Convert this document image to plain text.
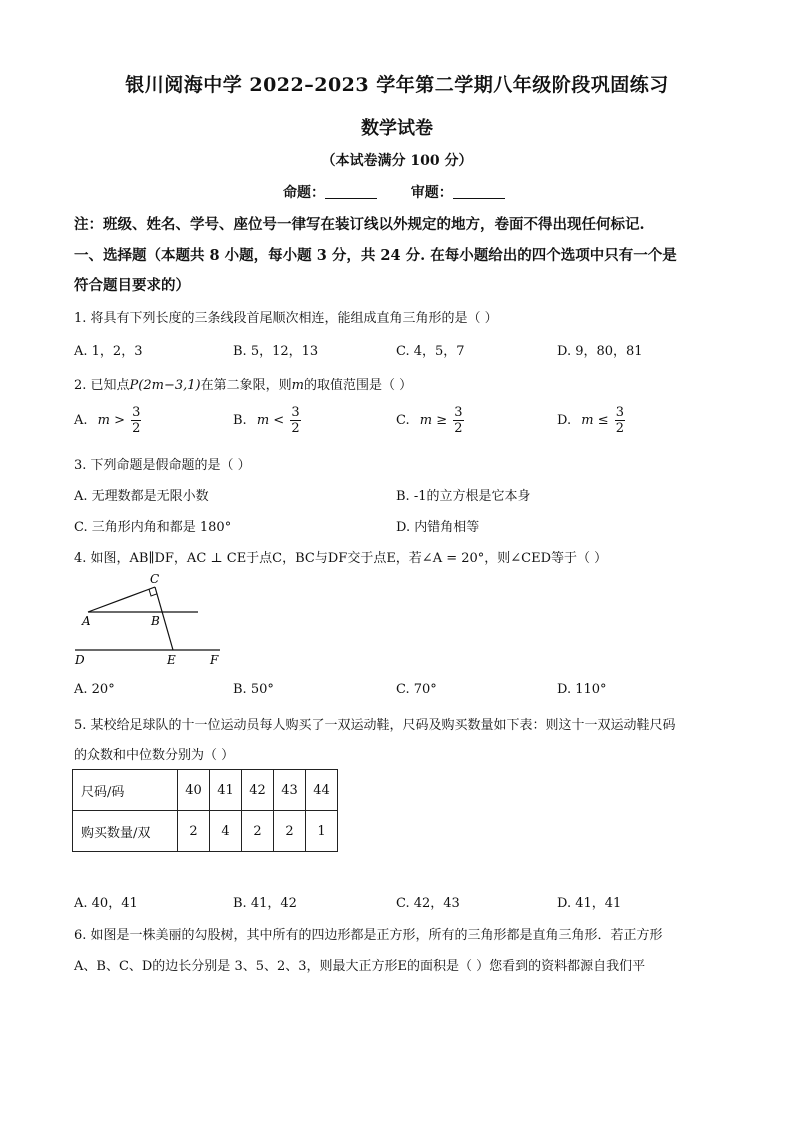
银川阅海中学 2022–2023 学年第二学期八年级阶段巩固练习
数学试卷
（本试卷满分 100 分）
命题：	审题：
注：班级、姓名、学号、座位号一律写在装订线以外规定的地方，卷面不得出现任何标记.
一、选择题（本题共 8 小题，每小题 3 分，共 24 分. 在每小题给出的四个选项中只有一个是
符合题目要求的）
1. 将具有下列长度的三条线段首尾顺次相连，能组成直角三角形的是（ ）
A. 1，2，3	B. 5，12，13	C. 4，5，7	D. 9，80，81
2. 已知点P(2m−3,1)在第二象限，则m的取值范围是（ ）
A. $m > \frac{3}{2}$	B. $m < \frac{3}{2}$	C. $m \ge \frac{3}{2}$	D. $m \le \frac{3}{2}$
3. 下列命题是假命题的是（ ）
A. 无理数都是无限小数	B. -1的立方根是它本身
C. 三角形内角和都是 180°	D. 内错角相等
4. 如图，AB∥DF，AC ⊥ CE于点C，BC与DF交于点E，若∠A = 20°，则∠CED等于（ ）
C
A	B
D	E	F
A. 20°	B. 50°	C. 70°	D. 110°
5. 某校给足球队的十一位运动员每人购买了一双运动鞋，尺码及购买数量如下表：则这十一双运动鞋尺码
的众数和中位数分别为（ ）
尺码/码	40	41	42	43	44
购买数量/双	2	4	2	2	1
A. 40，41	B. 41，42	C. 42，43	D. 41，41
6. 如图是一株美丽的勾股树，其中所有的四边形都是正方形，所有的三角形都是直角三角形．若正方形
A、B、C、D的边长分别是 3、5、2、3，则最大正方形E的面积是（ ）您看到的资料都源自我们平
